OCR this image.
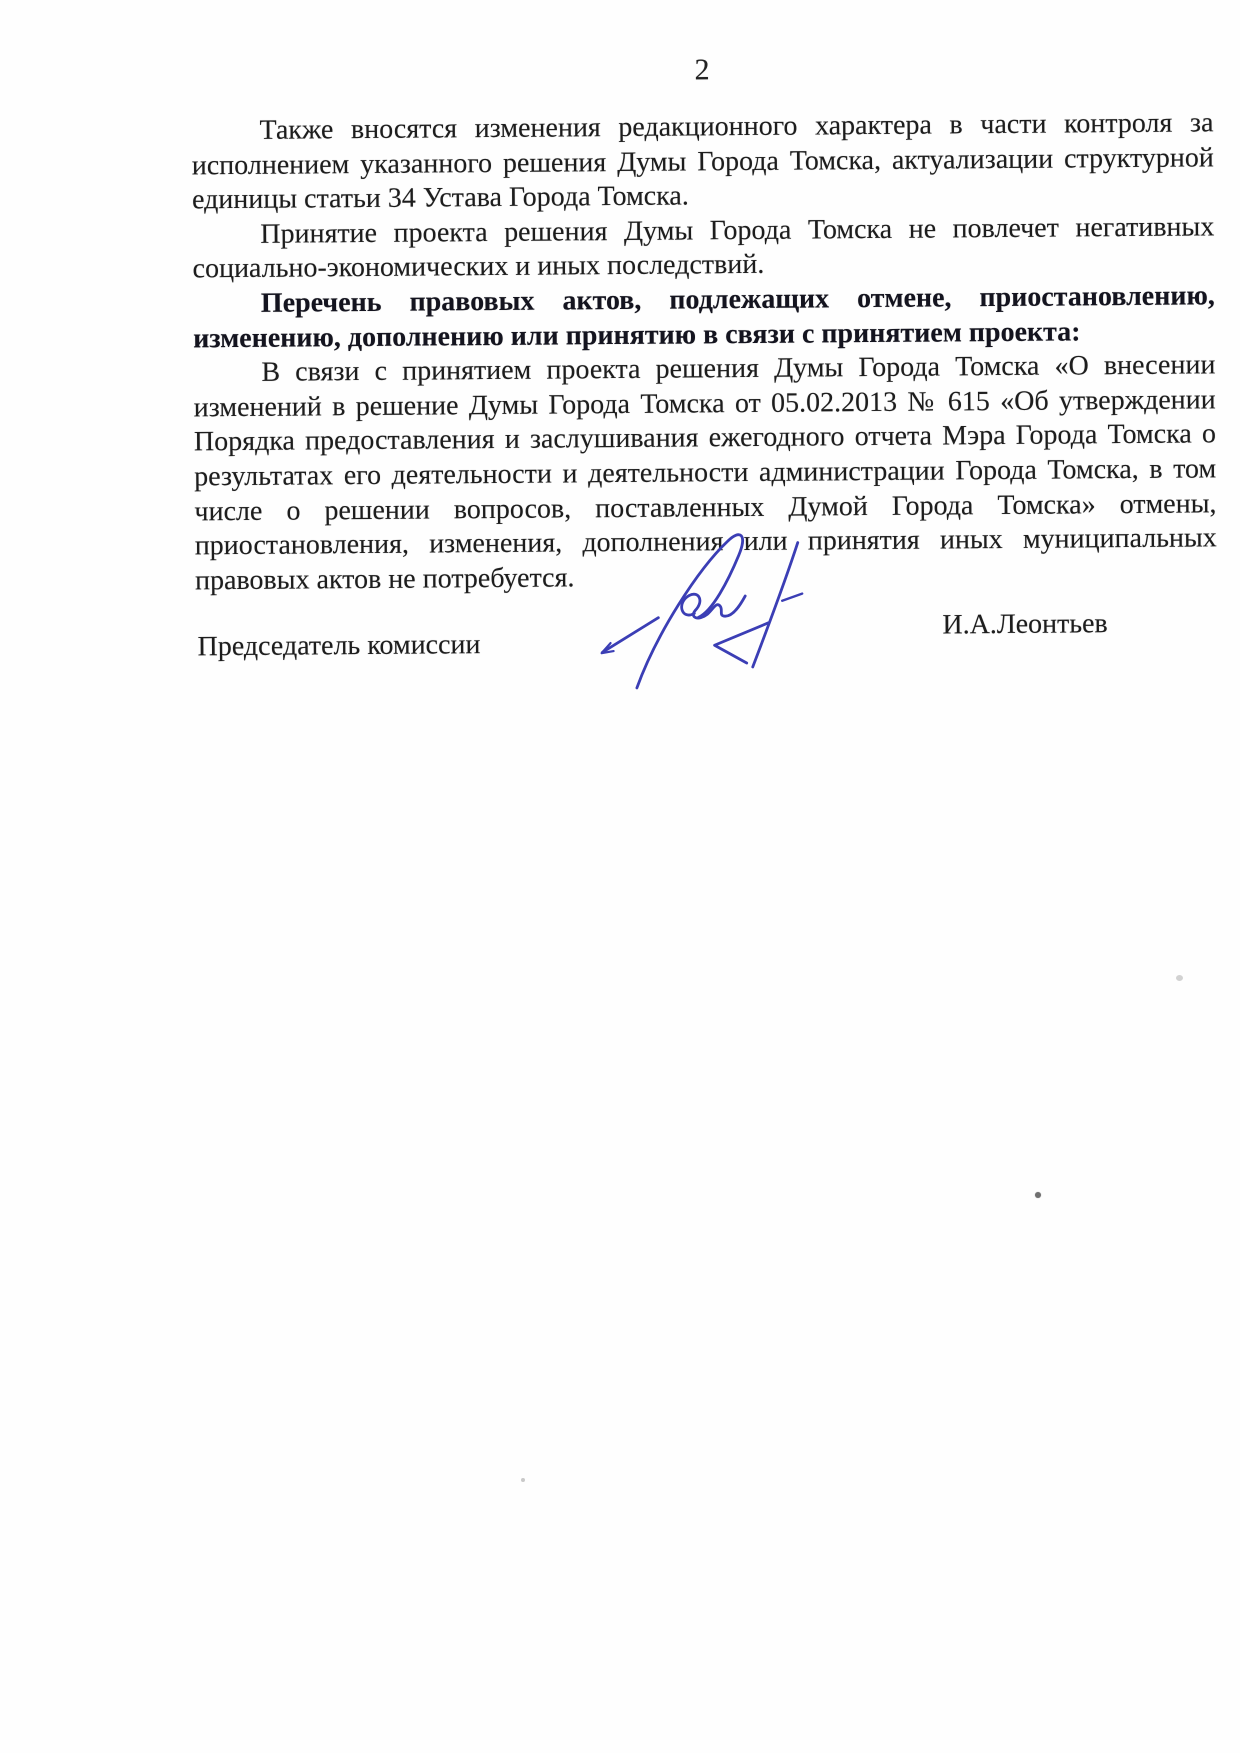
2

Также вносятся изменения редакционного характера в части контроля за исполнением указанного решения Думы Города Томска, актуализации структурной единицы статьи 34 Устава Города Томска.

Принятие проекта решения Думы Города Томска не повлечет негативных социально-экономических и иных последствий.

Перечень правовых актов, подлежащих отмене, приостановлению, изменению, дополнению или принятию в связи с принятием проекта:

В связи с принятием проекта решения Думы Города Томска «О внесении изменений в решение Думы Города Томска от 05.02.2013 № 615 «Об утверждении Порядка предоставления и заслушивания ежегодного отчета Мэра Города Томска о результатах его деятельности и деятельности администрации Города Томска, в том числе о решении вопросов, поставленных Думой Города Томска» отмены, приостановления, изменения, дополнения или принятия иных муниципальных правовых актов не потребуется.

Председатель комиссии
И.А.Леонтьев
